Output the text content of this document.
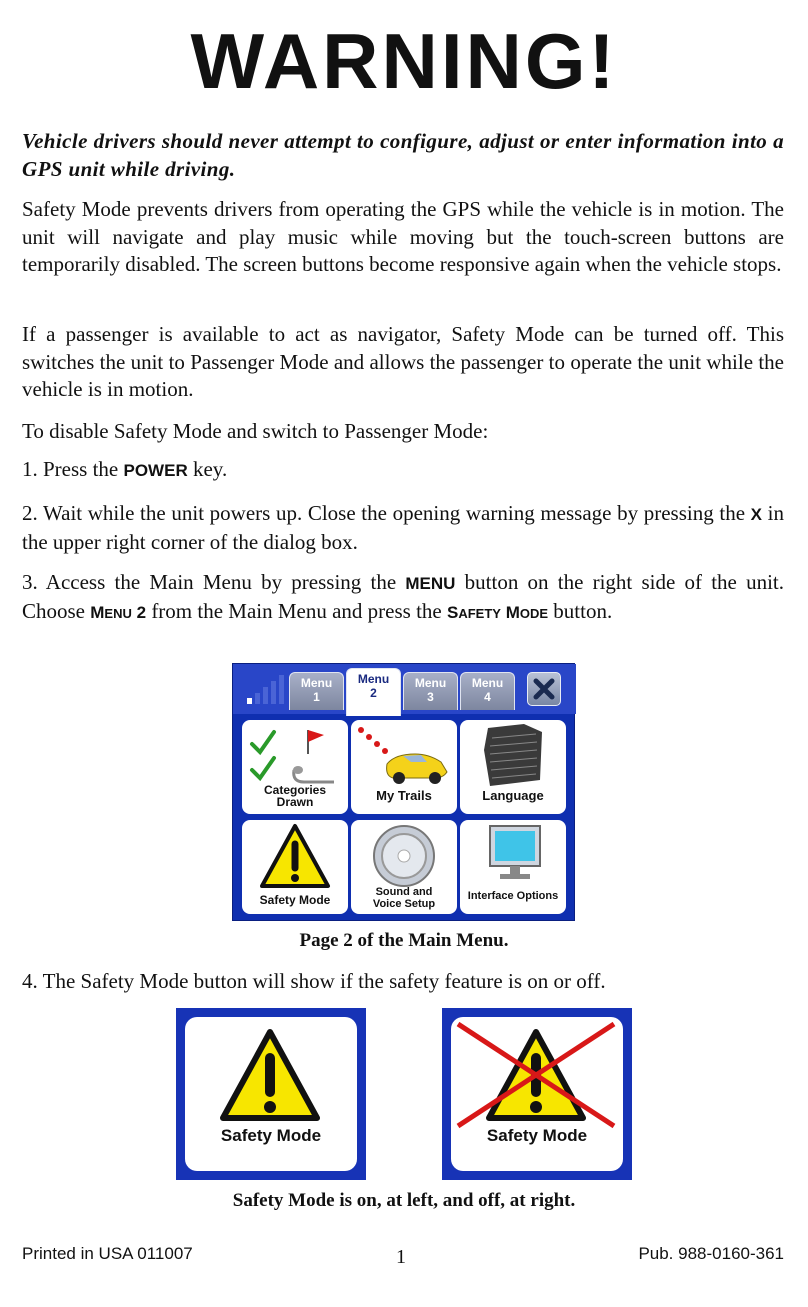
WARNING!

Vehicle drivers should never attempt to configure, adjust or enter information into a GPS unit while driving.

Safety Mode prevents drivers from operating the GPS while the vehicle is in motion. The unit will navigate and play music while moving but the touch-screen buttons are temporarily disabled. The screen buttons become responsive again when the vehicle stops.

If a passenger is available to act as navigator, Safety Mode can be turned off. This switches the unit to Passenger Mode and allows the passenger to operate the unit while the vehicle is in motion.

To disable Safety Mode and switch to Passenger Mode:

1. Press the POWER key.

2. Wait while the unit powers up. Close the opening warning message by pressing the X in the upper right corner of the dialog box.

3. Access the Main Menu by pressing the MENU button on the right side of the unit. Choose MENU 2 from the Main Menu and press the SAFETY MODE button.

Menu
1
Menu
2
Menu
3
Menu
4
Categories
Drawn	My Trails	Language
Safety Mode
Sound and
Voice Setup
Interface Options
Page 2 of the Main Menu.

4. The Safety Mode button will show if the safety feature is on or off.

Safety Mode	Safety Mode
Safety Mode is on, at left, and off, at right.
Printed in USA 011007	1	Pub. 988-0160-361
